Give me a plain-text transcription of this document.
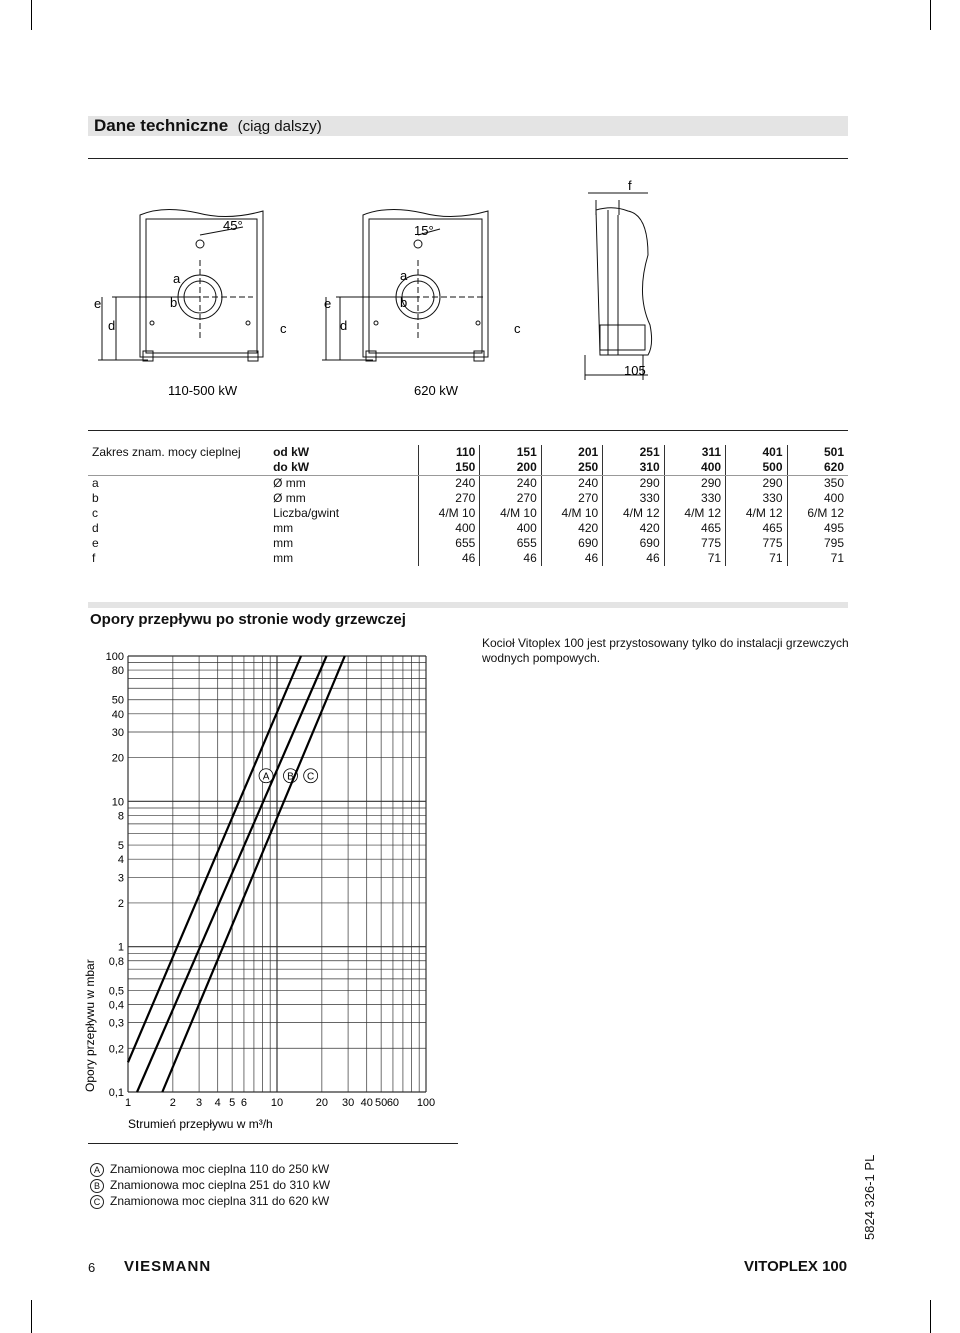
Dane techniczne (ciąg dalszy)
45°	15°
a
b
c
d
e
a
b
c
d
e
f
110-500 kW	620 kW
105
Zakres znam. mocy cieplnej	od kW	110	151	201	251	311	401	501
	do kW	150	200	250	310	400	500	620
a	Ø mm	240	240	240	290	290	290	350
b	Ø mm	270	270	270	330	330	330	400
c	Liczba/gwint	4/M 10	4/M 10	4/M 10	4/M 12	4/M 12	4/M 12	6/M 12
d	mm	400	400	420	420	465	465	495
e	mm	655	655	690	690	775	775	795
f	mm	46	46	46	46	71	71	71
Opory przepływu po stronie wody grzewczej
Kocioł Vitoplex 100 jest przystosowany tylko do instalacji grzewczych wodnych pompowych.
100
80
50
40
30
20
10
8
5
4
3
2
1
0,8
0,5
0,4
0,3
0,2
0,1
1	2 3 4 5 6 10	20 30 40 50 60 100
Strumień przepływu w m³/h
Opory przepływu w mbar
A B C
A Znamionowa moc cieplna 110 do 250 kW
B Znamionowa moc cieplna 251 do 310 kW
C Znamionowa moc cieplna 311 do 620 kW
6 VIESMANN	VITOPLEX 100
5824 326-1 PL
